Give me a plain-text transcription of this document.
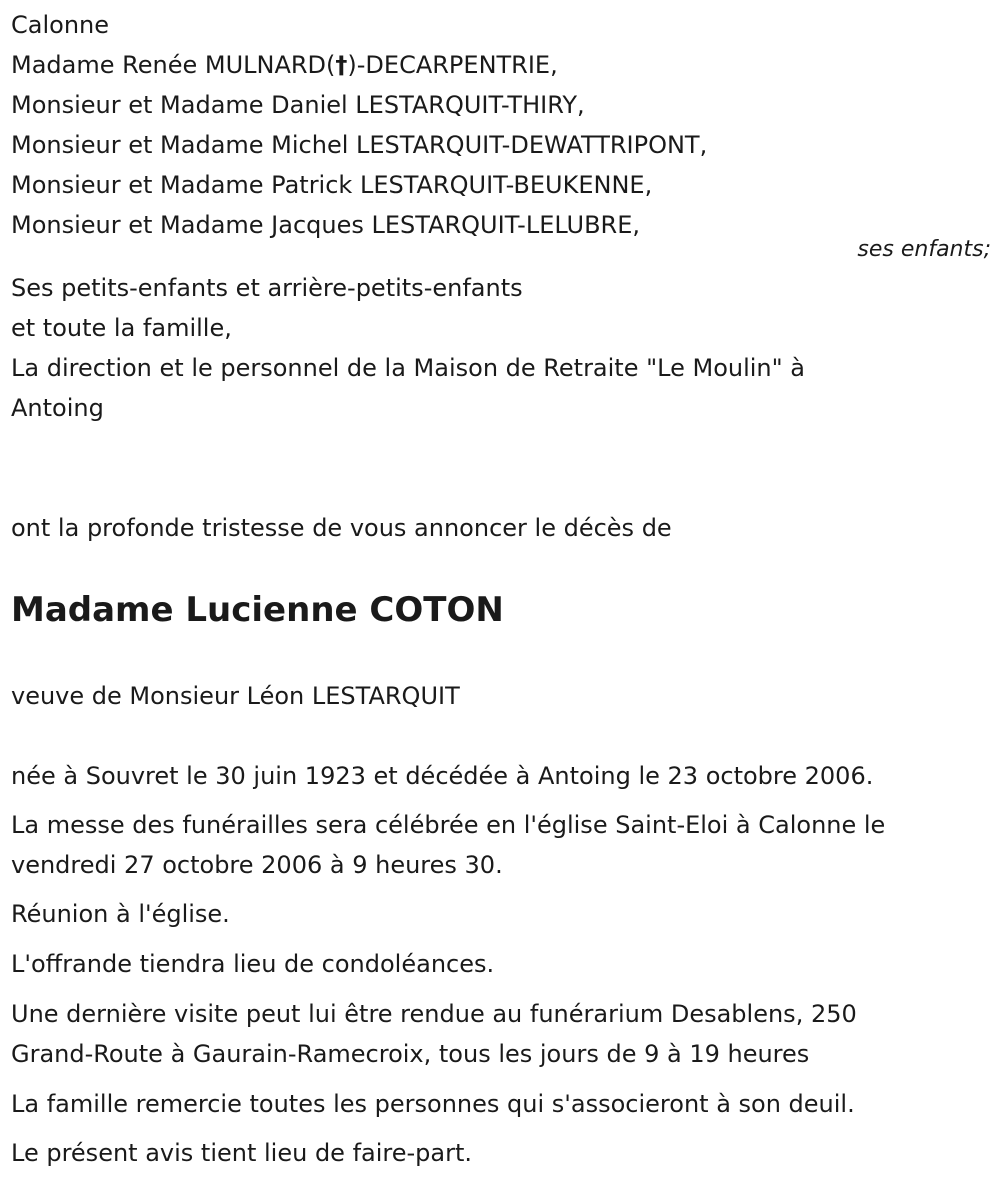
Calonne
Madame Renée MULNARD(†)-DECARPENTRIE,
Monsieur et Madame Daniel LESTARQUIT-THIRY,
Monsieur et Madame Michel LESTARQUIT-DEWATTRIPONT,
Monsieur et Madame Patrick LESTARQUIT-BEUKENNE,
Monsieur et Madame Jacques LESTARQUIT-LELUBRE,
ses enfants;
Ses petits-enfants et arrière-petits-enfants
et toute la famille,
La direction et le personnel de la Maison de Retraite "Le Moulin" à
Antoing
ont la profonde tristesse de vous annoncer le décès de
Madame Lucienne COTON
veuve de Monsieur Léon LESTARQUIT
née à Souvret le 30 juin 1923 et décédée à Antoing le 23 octobre 2006.
La messe des funérailles sera célébrée en l'église Saint-Eloi à Calonne le
vendredi 27 octobre 2006 à 9 heures 30.
Réunion à l'église.
L'offrande tiendra lieu de condoléances.
Une dernière visite peut lui être rendue au funérarium Desablens, 250
Grand-Route à Gaurain-Ramecroix, tous les jours de 9 à 19 heures
La famille remercie toutes les personnes qui s'associeront à son deuil.
Le présent avis tient lieu de faire-part.
